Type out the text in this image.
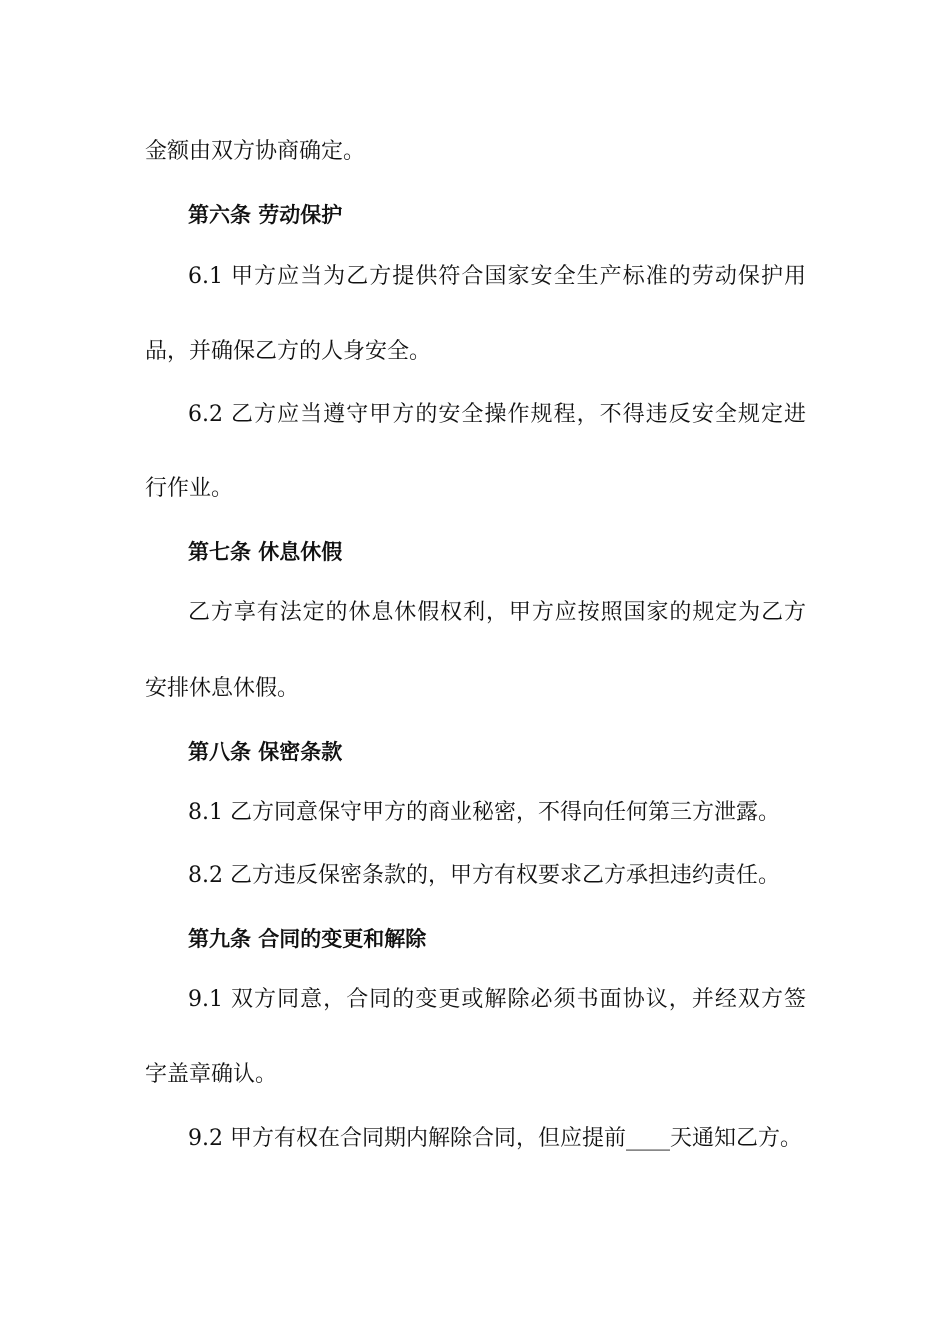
金额由双方协商确定。
第六条 劳动保护
6.1 甲方应当为乙方提供符合国家安全生产标准的劳动保护用
品，并确保乙方的人身安全。
6.2 乙方应当遵守甲方的安全操作规程，不得违反安全规定进
行作业。
第七条 休息休假
乙方享有法定的休息休假权利，甲方应按照国家的规定为乙方
安排休息休假。
第八条 保密条款
8.1 乙方同意保守甲方的商业秘密，不得向任何第三方泄露。
8.2 乙方违反保密条款的，甲方有权要求乙方承担违约责任。
第九条 合同的变更和解除
9.1 双方同意，合同的变更或解除必须书面协议，并经双方签
字盖章确认。
9.2 甲方有权在合同期内解除合同，但应提前____天通知乙方。
